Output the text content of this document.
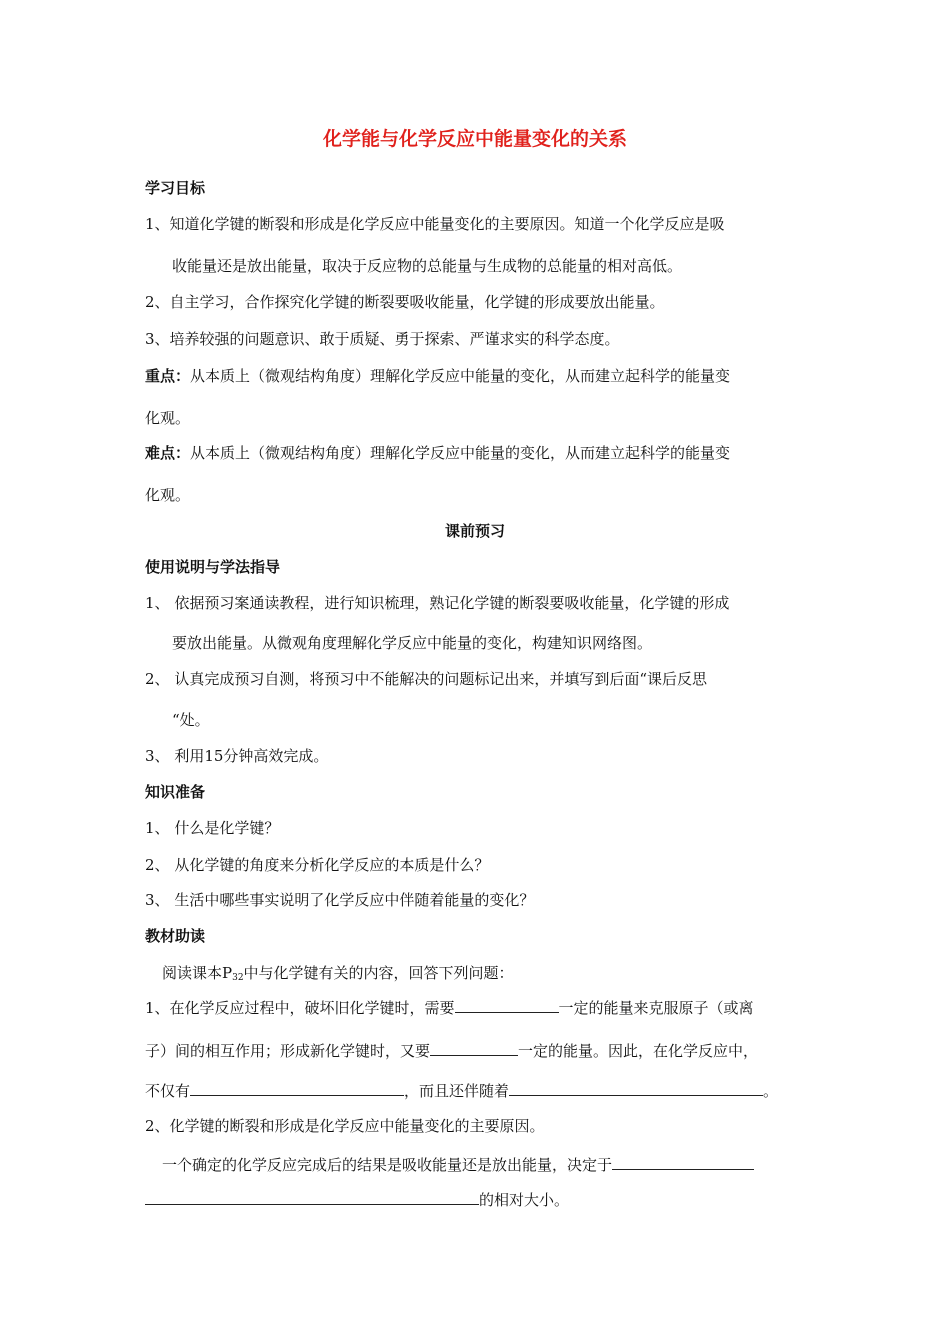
化学能与化学反应中能量变化的关系

学习目标

1、知道化学键的断裂和形成是化学反应中能量变化的主要原因。知道一个化学反应是吸

收能量还是放出能量，取决于反应物的总能量与生成物的总能量的相对高低。

2、自主学习，合作探究化学键的断裂要吸收能量，化学键的形成要放出能量。

3、培养较强的问题意识、敢于质疑、勇于探索、严谨求实的科学态度。

重点：从本质上（微观结构角度）理解化学反应中能量的变化，从而建立起科学的能量变

化观。

难点：从本质上（微观结构角度）理解化学反应中能量的变化，从而建立起科学的能量变

化观。

课前预习

使用说明与学法指导

1、 依据预习案通读教程，进行知识梳理，熟记化学键的断裂要吸收能量，化学键的形成

要放出能量。从微观角度理解化学反应中能量的变化，构建知识网络图。

2、 认真完成预习自测，将预习中不能解决的问题标记出来，并填写到后面“课后反思

“处。

3、 利用15分钟高效完成。

知识准备

1、 什么是化学键？

2、 从化学键的角度来分析化学反应的本质是什么？

3、 生活中哪些事实说明了化学反应中伴随着能量的变化？

教材助读

阅读课本$P_{32}$中与化学键有关的内容，回答下列问题：

1、在化学反应过程中，破坏旧化学键时，需要	一定的能量来克服原子（或离

子）间的相互作用；形成新化学键时，又要	一定的能量。因此，在化学反应中，

不仅有	，而且还伴随着	。

2、化学键的断裂和形成是化学反应中能量变化的主要原因。

一个确定的化学反应完成后的结果是吸收能量还是放出能量，决定于

的相对大小。
